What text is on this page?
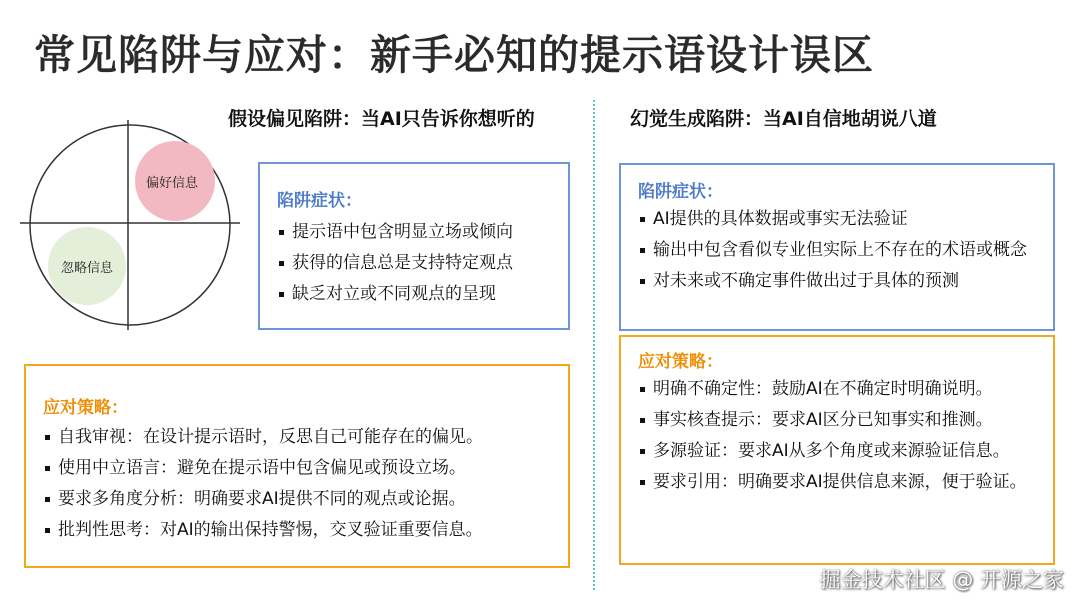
常见陷阱与应对：新手必知的提示语设计误区
假设偏见陷阱：当AI只告诉你想听的
偏好信息
忽略信息
陷阱症状：
提示语中包含明显立场或倾向
获得的信息总是支持特定观点
缺乏对立或不同观点的呈现
应对策略：
自我审视：在设计提示语时，反思自己可能存在的偏见。
使用中立语言：避免在提示语中包含偏见或预设立场。
要求多角度分析：明确要求AI提供不同的观点或论据。
批判性思考：对AI的输出保持警惕，交叉验证重要信息。
幻觉生成陷阱：当AI自信地胡说八道
陷阱症状：
AI提供的具体数据或事实无法验证
输出中包含看似专业但实际上不存在的术语或概念
对未来或不确定事件做出过于具体的预测
应对策略：
明确不确定性：鼓励AI在不确定时明确说明。
事实核查提示：要求AI区分已知事实和推测。
多源验证：要求AI从多个角度或来源验证信息。
要求引用：明确要求AI提供信息来源，便于验证。
掘金技术社区 @ 开源之家
